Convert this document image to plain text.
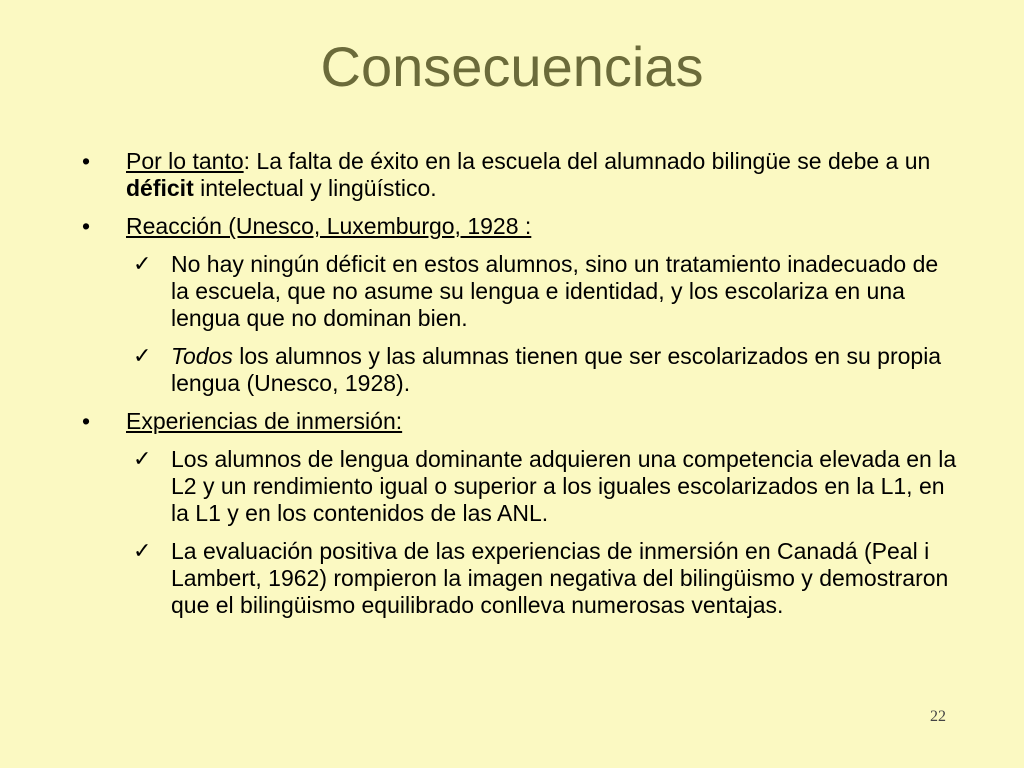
Consecuencias
•	Por lo tanto: La falta de éxito en la escuela del alumnado bilingüe se debe a un déficit intelectual y lingüístico.
•	Reacción (Unesco, Luxemburgo, 1928 :
✓ No hay ningún déficit en estos alumnos, sino un tratamiento inadecuado de la escuela, que no asume su lengua e identidad, y los escolariza en una lengua que no dominan bien.
✓ Todos los alumnos y las alumnas tienen que ser escolarizados en su propia lengua (Unesco, 1928).
•	Experiencias de inmersión:
✓ Los alumnos de lengua dominante adquieren una competencia elevada en la L2 y un rendimiento igual o superior a los iguales escolarizados en la L1, en la L1 y en los contenidos de las ANL.
✓ La evaluación positiva de las experiencias de inmersión en Canadá (Peal i Lambert, 1962) rompieron la imagen negativa del bilingüismo y demostraron que el bilingüismo equilibrado conlleva numerosas ventajas.
22
